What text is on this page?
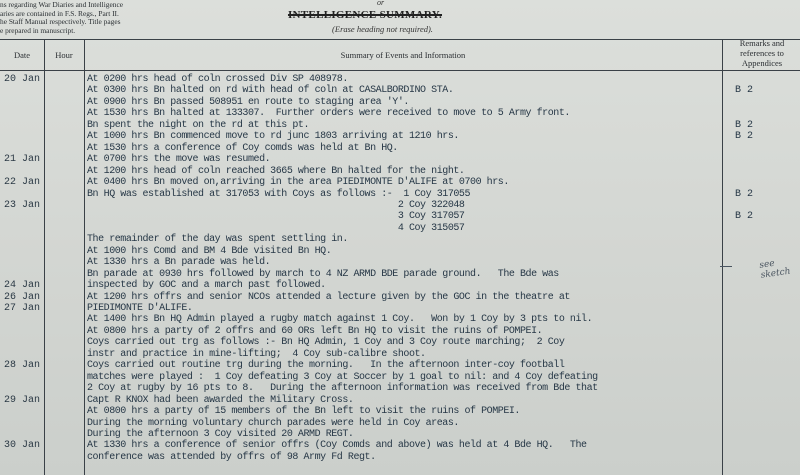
ns regarding War Diaries and Intelligence
aries are contained in F.S. Regs., Part II.
he Staff Manual respectively. Title pages
e prepared in manuscript.
or
INTELLIGENCE SUMMARY.
(Erase heading not required).
Date	Hour	Summary of Events and Information
Remarks and
references to
Appendices
20 Jan
21 Jan
22 Jan
23 Jan
24 Jan
26 Jan
27 Jan
28 Jan
29 Jan
30 Jan
At 0200 hrs head of coln crossed Div SP 408978.
At 0300 hrs Bn halted on rd with head of coln at CASALBORDINO STA.
At 0900 hrs Bn passed 508951 en route to staging area 'Y'.
At 1530 hrs Bn halted at 133307.  Further orders were received to move to 5 Army front.
Bn spent the night on the rd at this pt.
At 1000 hrs Bn commenced move to rd junc 1803 arriving at 1210 hrs.
At 1530 hrs a conference of Coy comds was held at Bn HQ.
At 0700 hrs the move was resumed.
At 1200 hrs head of coln reached 3665 where Bn halted for the night.
At 0400 hrs Bn moved on,arriving in the area PIEDIMONTE D'ALIFE at 0700 hrs.
Bn HQ was established at 317053 with Coys as follows :-  1 Coy 317055
2 Coy 322048
3 Coy 317057
4 Coy 315057
The remainder of the day was spent settling in.
At 1000 hrs Comd and BM 4 Bde visited Bn HQ.
At 1330 hrs a Bn parade was held.
Bn parade at 0930 hrs followed by march to 4 NZ ARMD BDE parade ground.   The Bde was
inspected by GOC and a march past followed.
At 1200 hrs offrs and senior NCOs attended a lecture given by the GOC in the theatre at
PIEDIMONTE D'ALIFE.
At 1400 hrs Bn HQ Admin played a rugby match against 1 Coy.   Won by 1 Coy by 3 pts to nil.
At 0800 hrs a party of 2 offrs and 60 ORs left Bn HQ to visit the ruins of POMPEI.
Coys carried out trg as follows :- Bn HQ Admin, 1 Coy and 3 Coy route marching;  2 Coy
instr and practice in mine-lifting;  4 Coy sub-calibre shoot.
Coys carried out routine trg during the morning.   In the afternoon inter-coy football
matches were played :  1 Coy defeating 3 Coy at Soccer by 1 goal to nil: and 4 Coy defeating
2 Coy at rugby by 16 pts to 8.   During the afternoon information was received from Bde that
Capt R KNOX had been awarded the Military Cross.
At 0800 hrs a party of 15 members of the Bn left to visit the ruins of POMPEI.
During the morning voluntary church parades were held in Coy areas.
During the afternoon 3 Coy visited 20 ARMD REGT.
At 1330 hrs a conference of senior offrs (Coy Comds and above) was held at 4 Bde HQ.   The
conference was attended by offrs of 98 Army Fd Regt.
B 2
B 2
B 2
B 2
B 2
see sketch
